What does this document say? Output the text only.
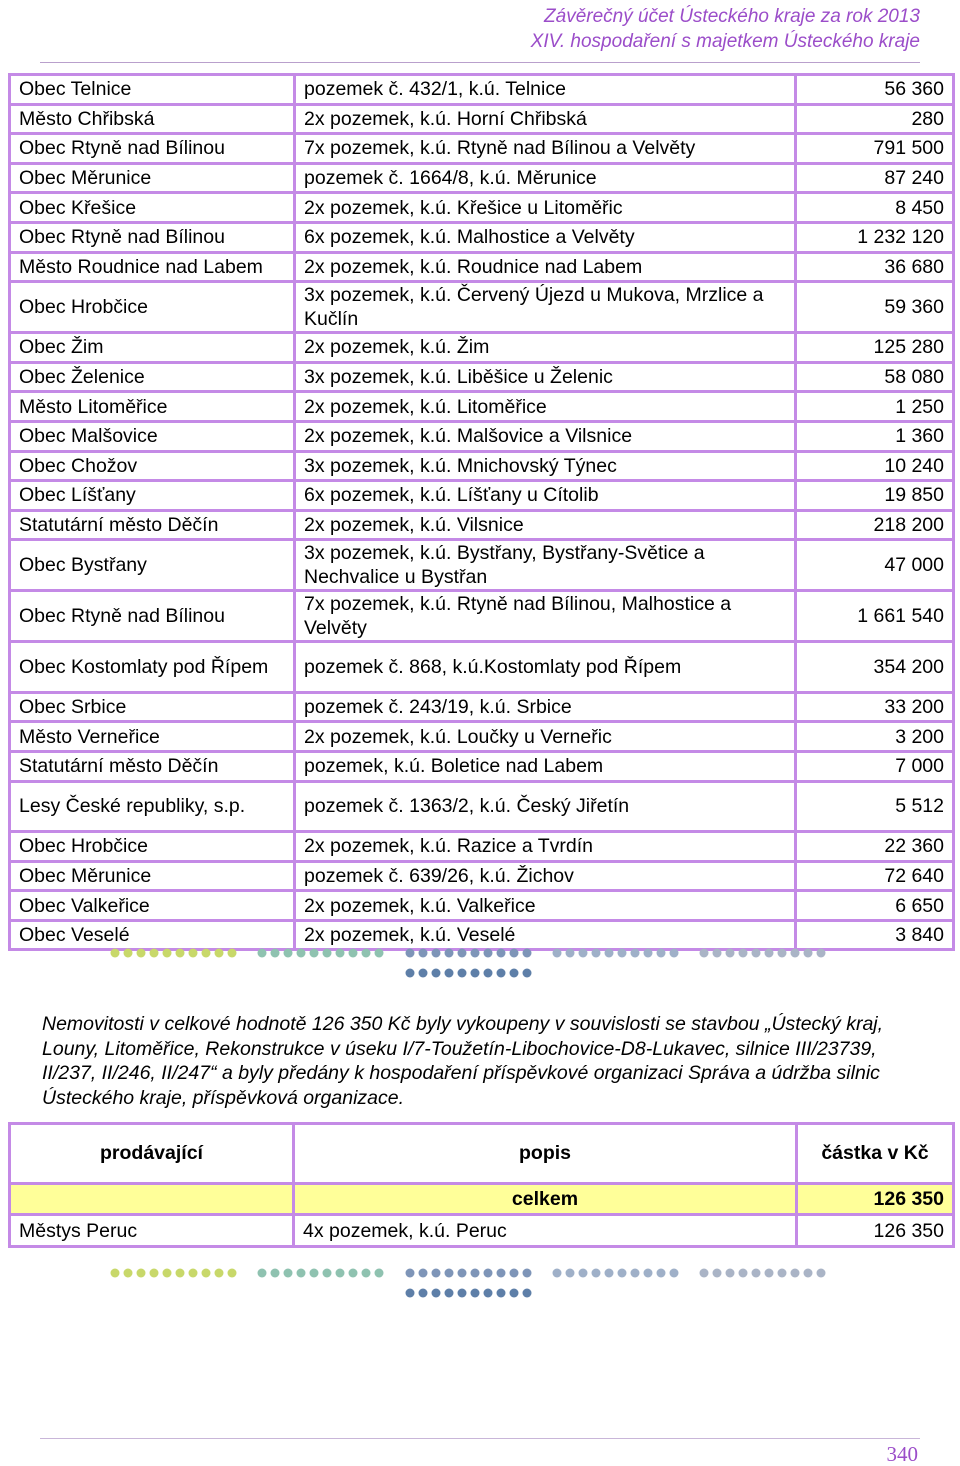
Závěrečný účet Ústeckého kraje za rok 2013
XIV. hospodaření s majetkem Ústeckého kraje
Obec Telnice	pozemek č. 432/1, k.ú. Telnice	56 360
Město Chřibská	2x pozemek, k.ú. Horní Chřibská	280
Obec Rtyně nad Bílinou	7x pozemek, k.ú. Rtyně nad Bílinou a Velvěty	791 500
Obec Měrunice	pozemek č. 1664/8, k.ú. Měrunice	87 240
Obec Křešice	2x pozemek, k.ú. Křešice u Litoměřic	8 450
Obec Rtyně nad Bílinou	6x pozemek, k.ú. Malhostice a Velvěty	1 232 120
Město Roudnice nad Labem	2x pozemek, k.ú. Roudnice nad Labem	36 680
Obec Hrobčice	3x pozemek, k.ú. Červený Újezd u Mukova, Mrzlice a Kučlín	59 360
Obec Žim	2x pozemek, k.ú. Žim	125 280
Obec Želenice	3x pozemek, k.ú. Liběšice u Želenic	58 080
Město Litoměřice	2x pozemek, k.ú. Litoměřice	1 250
Obec Malšovice	2x pozemek, k.ú. Malšovice a Vilsnice	1 360
Obec Chožov	3x pozemek, k.ú. Mnichovský Týnec	10 240
Obec Líšťany	6x pozemek, k.ú. Líšťany u Cítolib	19 850
Statutární město Děčín	2x pozemek, k.ú. Vilsnice	218 200
Obec Bystřany	3x pozemek, k.ú. Bystřany, Bystřany-Světice a Nechvalice u Bystřan	47 000
Obec Rtyně nad Bílinou	7x pozemek, k.ú. Rtyně nad Bílinou, Malhostice a Velvěty	1 661 540
Obec Kostomlaty pod Řípem	pozemek č. 868, k.ú.Kostomlaty pod Řípem	354 200
Obec Srbice	pozemek č. 243/19, k.ú. Srbice	33 200
Město Verneřice	2x pozemek, k.ú. Loučky u Verneřic	3 200
Statutární město Děčín	pozemek, k.ú. Boletice nad Labem	7 000
Lesy České republiky, s.p.	pozemek č. 1363/2, k.ú. Český Jiřetín	5 512
Obec Hrobčice	2x pozemek, k.ú. Razice a Tvrdín	22 360
Obec Měrunice	pozemek č. 639/26, k.ú. Žichov	72 640
Obec Valkeřice	2x pozemek, k.ú. Valkeřice	6 650
Obec Veselé	2x pozemek, k.ú. Veselé	3 840
Nemovitosti v celkové hodnotě 126 350 Kč byly vykoupeny v souvislosti se stavbou „Ústecký kraj, Louny, Litoměřice, Rekonstrukce v úseku I/7-Toužetín-Libochovice-D8-Lukavec, silnice III/23739, II/237, II/246, II/247“ a byly předány k hospodaření příspěvkové organizaci Správa a údržba silnic Ústeckého kraje, příspěvková organizace.
prodávající	popis	částka v Kč
	celkem	126 350
Městys Peruc	4x pozemek, k.ú. Peruc	126 350
340
